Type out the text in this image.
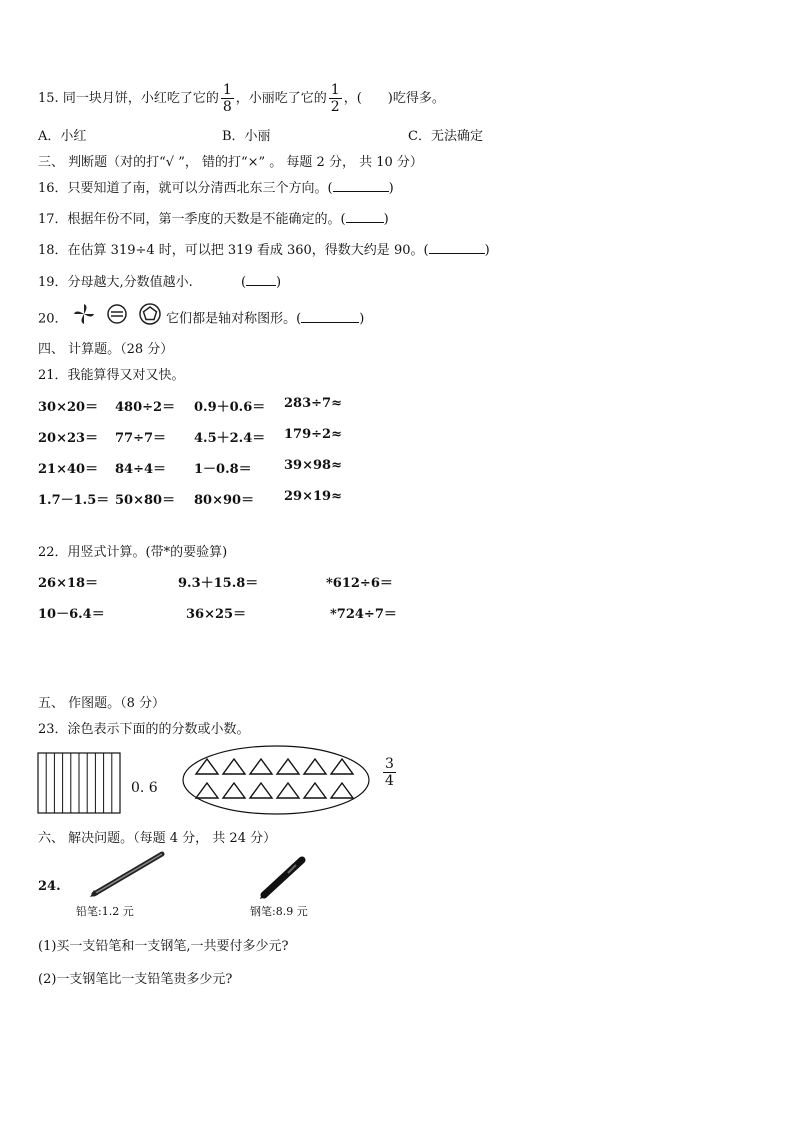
15. 同一块月饼，小红吃了它的 $\frac{1}{8}$ ，小丽吃了它的 $\frac{1}{2}$ ，(　　)吃得多。
A．小红	B．小丽	C．无法确定
三、 判断题（对的打“√ ”， 错的打“×” 。 每题 2 分， 共 10 分）
16．只要知道了南，就可以分清西北东三个方向。(	)
17．根据年份不同，第一季度的天数是不能确定的。(	)
18．在估算 319÷4 时，可以把 319 看成 360，得数大约是 90。(	)
19．分母越大,分数值越小.	( )
20．	它们都是轴对称图形。(	)
四、 计算题。（28 分）
21．我能算得又对又快。
30×20＝ 480÷2＝ 0.9＋0.6＝ 283÷7≈
20×23＝ 77÷7＝ 4.5＋2.4＝ 179÷2≈
21×40＝ 84÷4＝ 1－0.8＝ 39×98≈
1.7－1.5＝ 50×80＝ 80×90＝ 29×19≈
22．用竖式计算。(带*的要验算)
26×18＝	9.3＋15.8＝	*612÷6＝
10－6.4＝	36×25＝	*724÷7＝
五、 作图题。（8 分）
23．涂色表示下面的的分数或小数。
0. 6	$\frac{3}{4}$
六、 解决问题。（每题 4 分， 共 24 分）
24.
铅笔:1.2 元	钢笔:8.9 元
(1)买一支铅笔和一支钢笔,一共要付多少元?
(2)一支钢笔比一支铅笔贵多少元?
